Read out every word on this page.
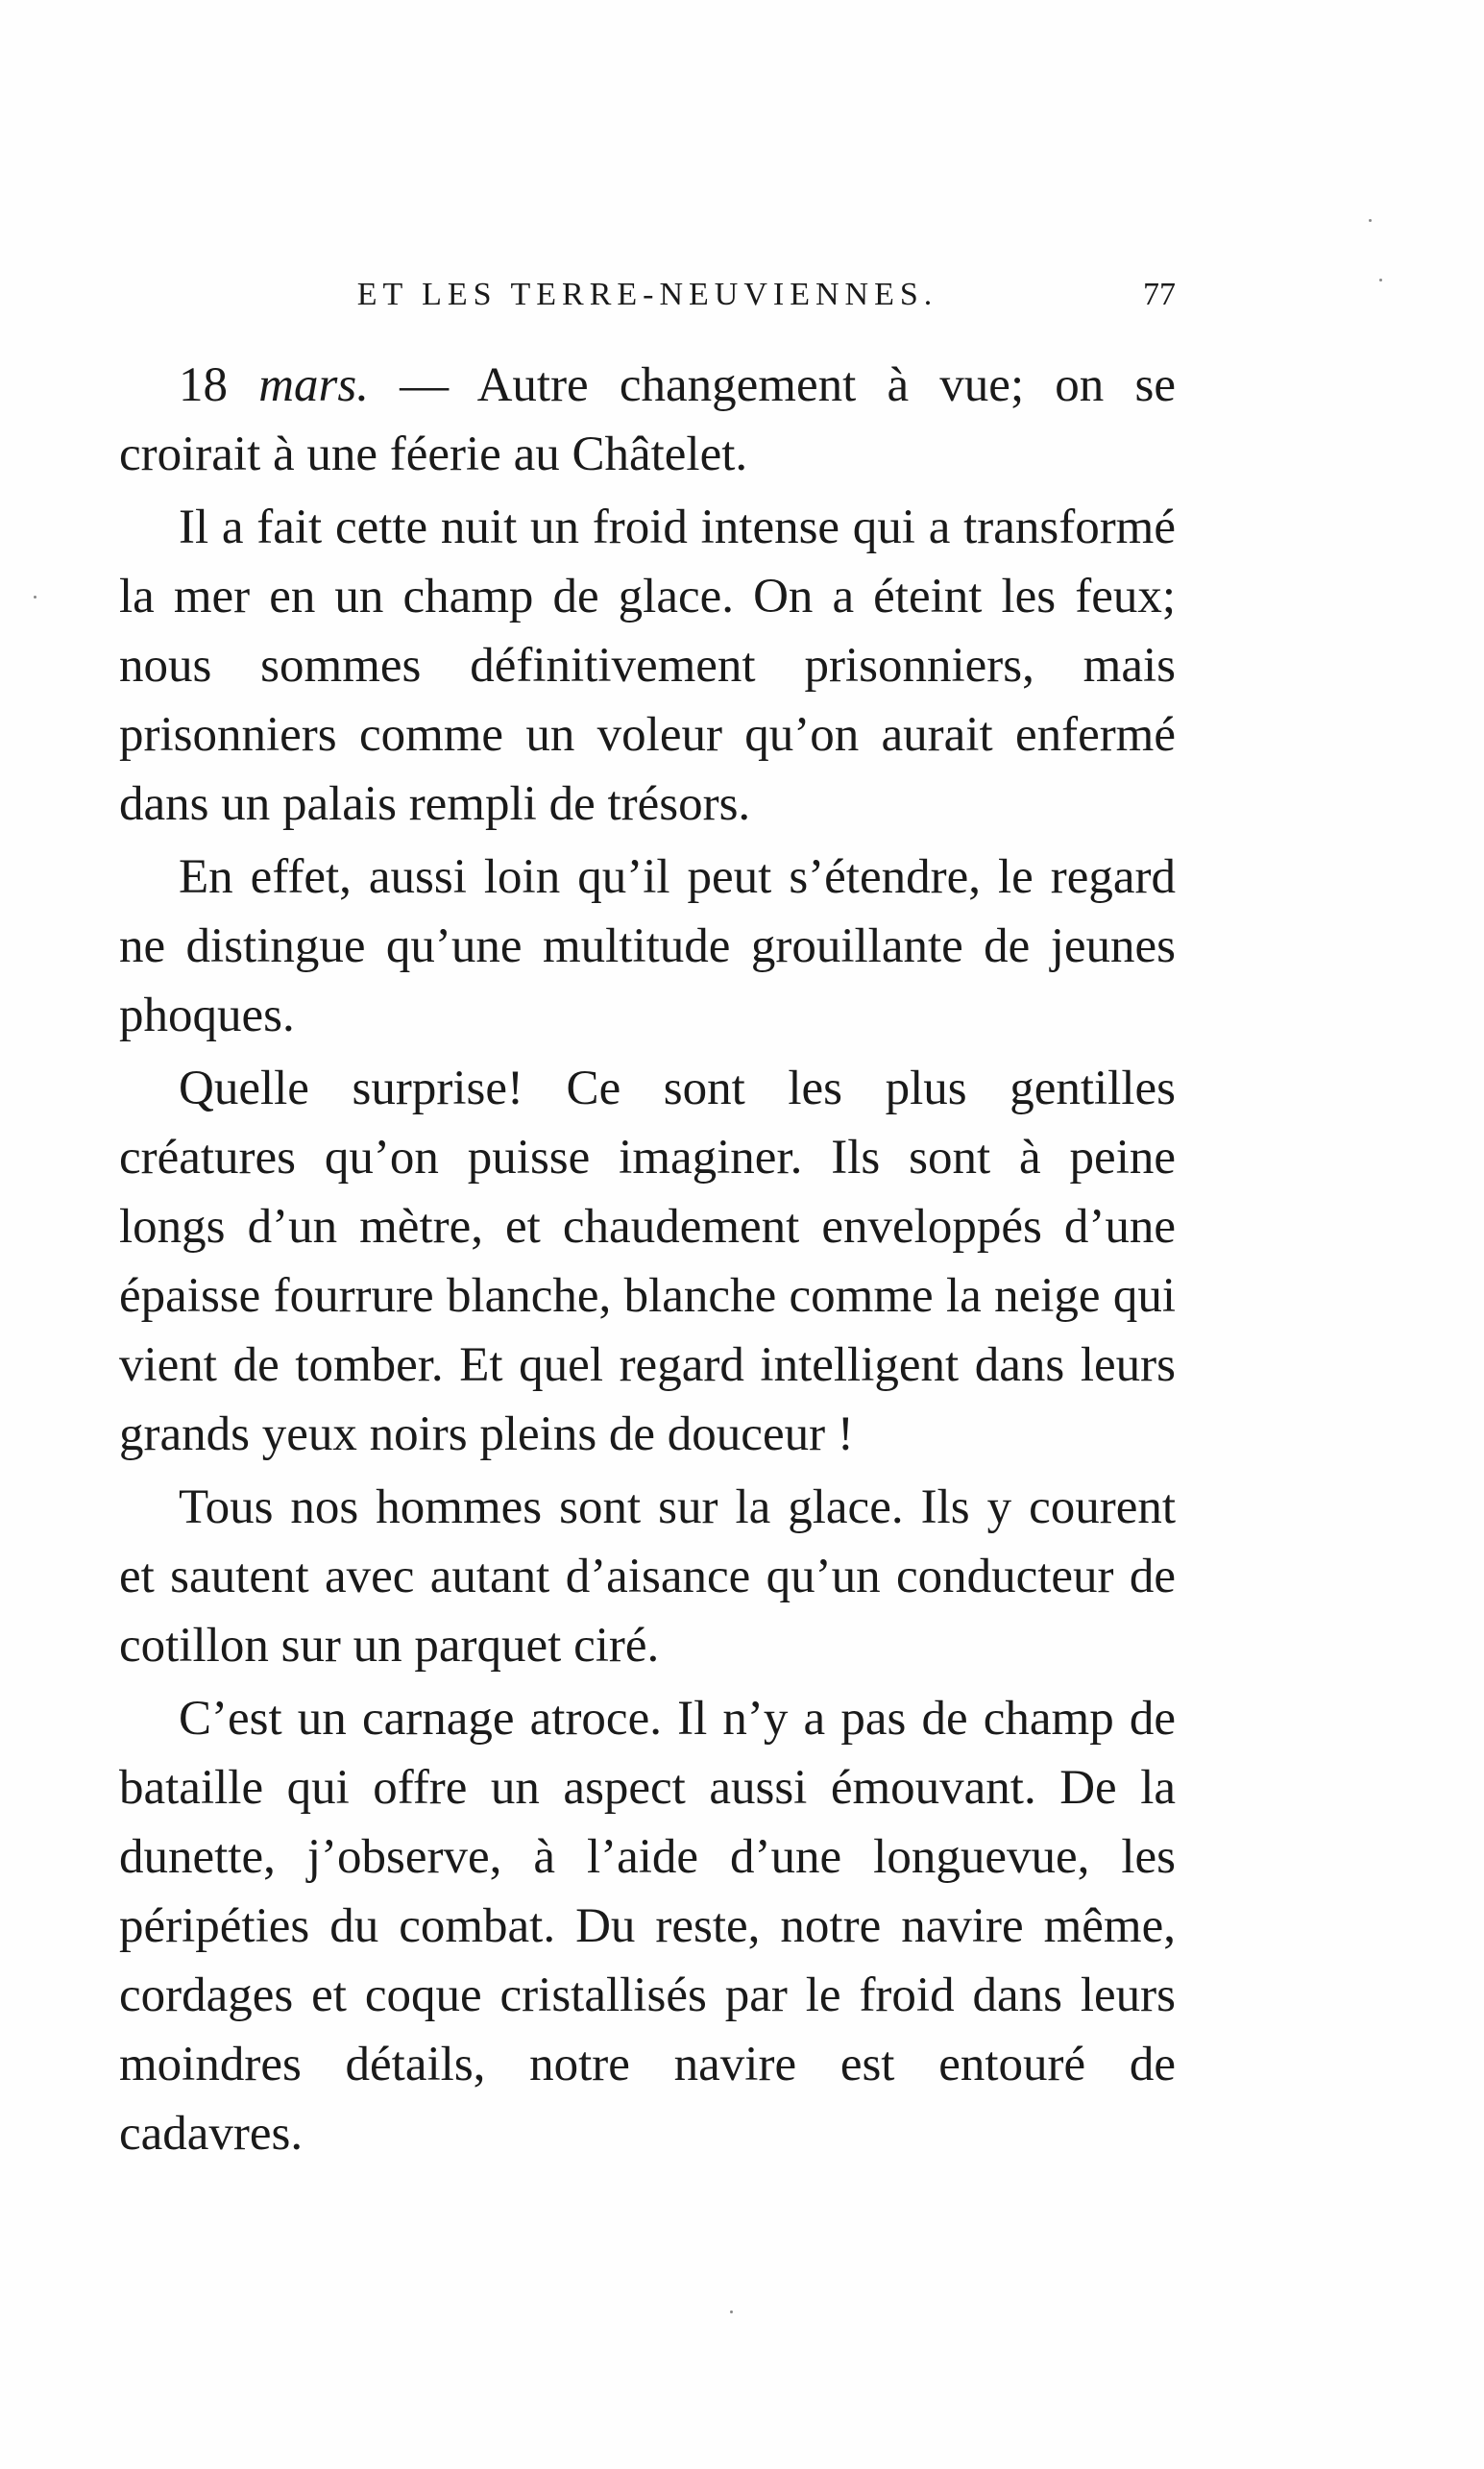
ET LES TERRE-NEUVIENNES.	77

18 mars. — Autre changement à vue; on se croirait à une féerie au Châtelet.

Il a fait cette nuit un froid intense qui a transformé la mer en un champ de glace. On a éteint les feux; nous sommes définitivement prisonniers, mais prisonniers comme un voleur qu’on aurait enfermé dans un palais rempli de trésors.

En effet, aussi loin qu’il peut s’étendre, le regard ne distingue qu’une multitude grouillante de jeunes phoques.

Quelle surprise! Ce sont les plus gentilles créatures qu’on puisse imaginer. Ils sont à peine longs d’un mètre, et chaudement enveloppés d’une épaisse fourrure blanche, blanche comme la neige qui vient de tomber. Et quel regard intelligent dans leurs grands yeux noirs pleins de douceur !

Tous nos hommes sont sur la glace. Ils y courent et sautent avec autant d’aisance qu’un conducteur de cotillon sur un parquet ciré.

C’est un carnage atroce. Il n’y a pas de champ de bataille qui offre un aspect aussi émouvant. De la dunette, j’observe, à l’aide d’une longuevue, les péripéties du combat. Du reste, notre navire même, cordages et coque cristallisés par le froid dans leurs moindres détails, notre navire est entouré de cadavres.
